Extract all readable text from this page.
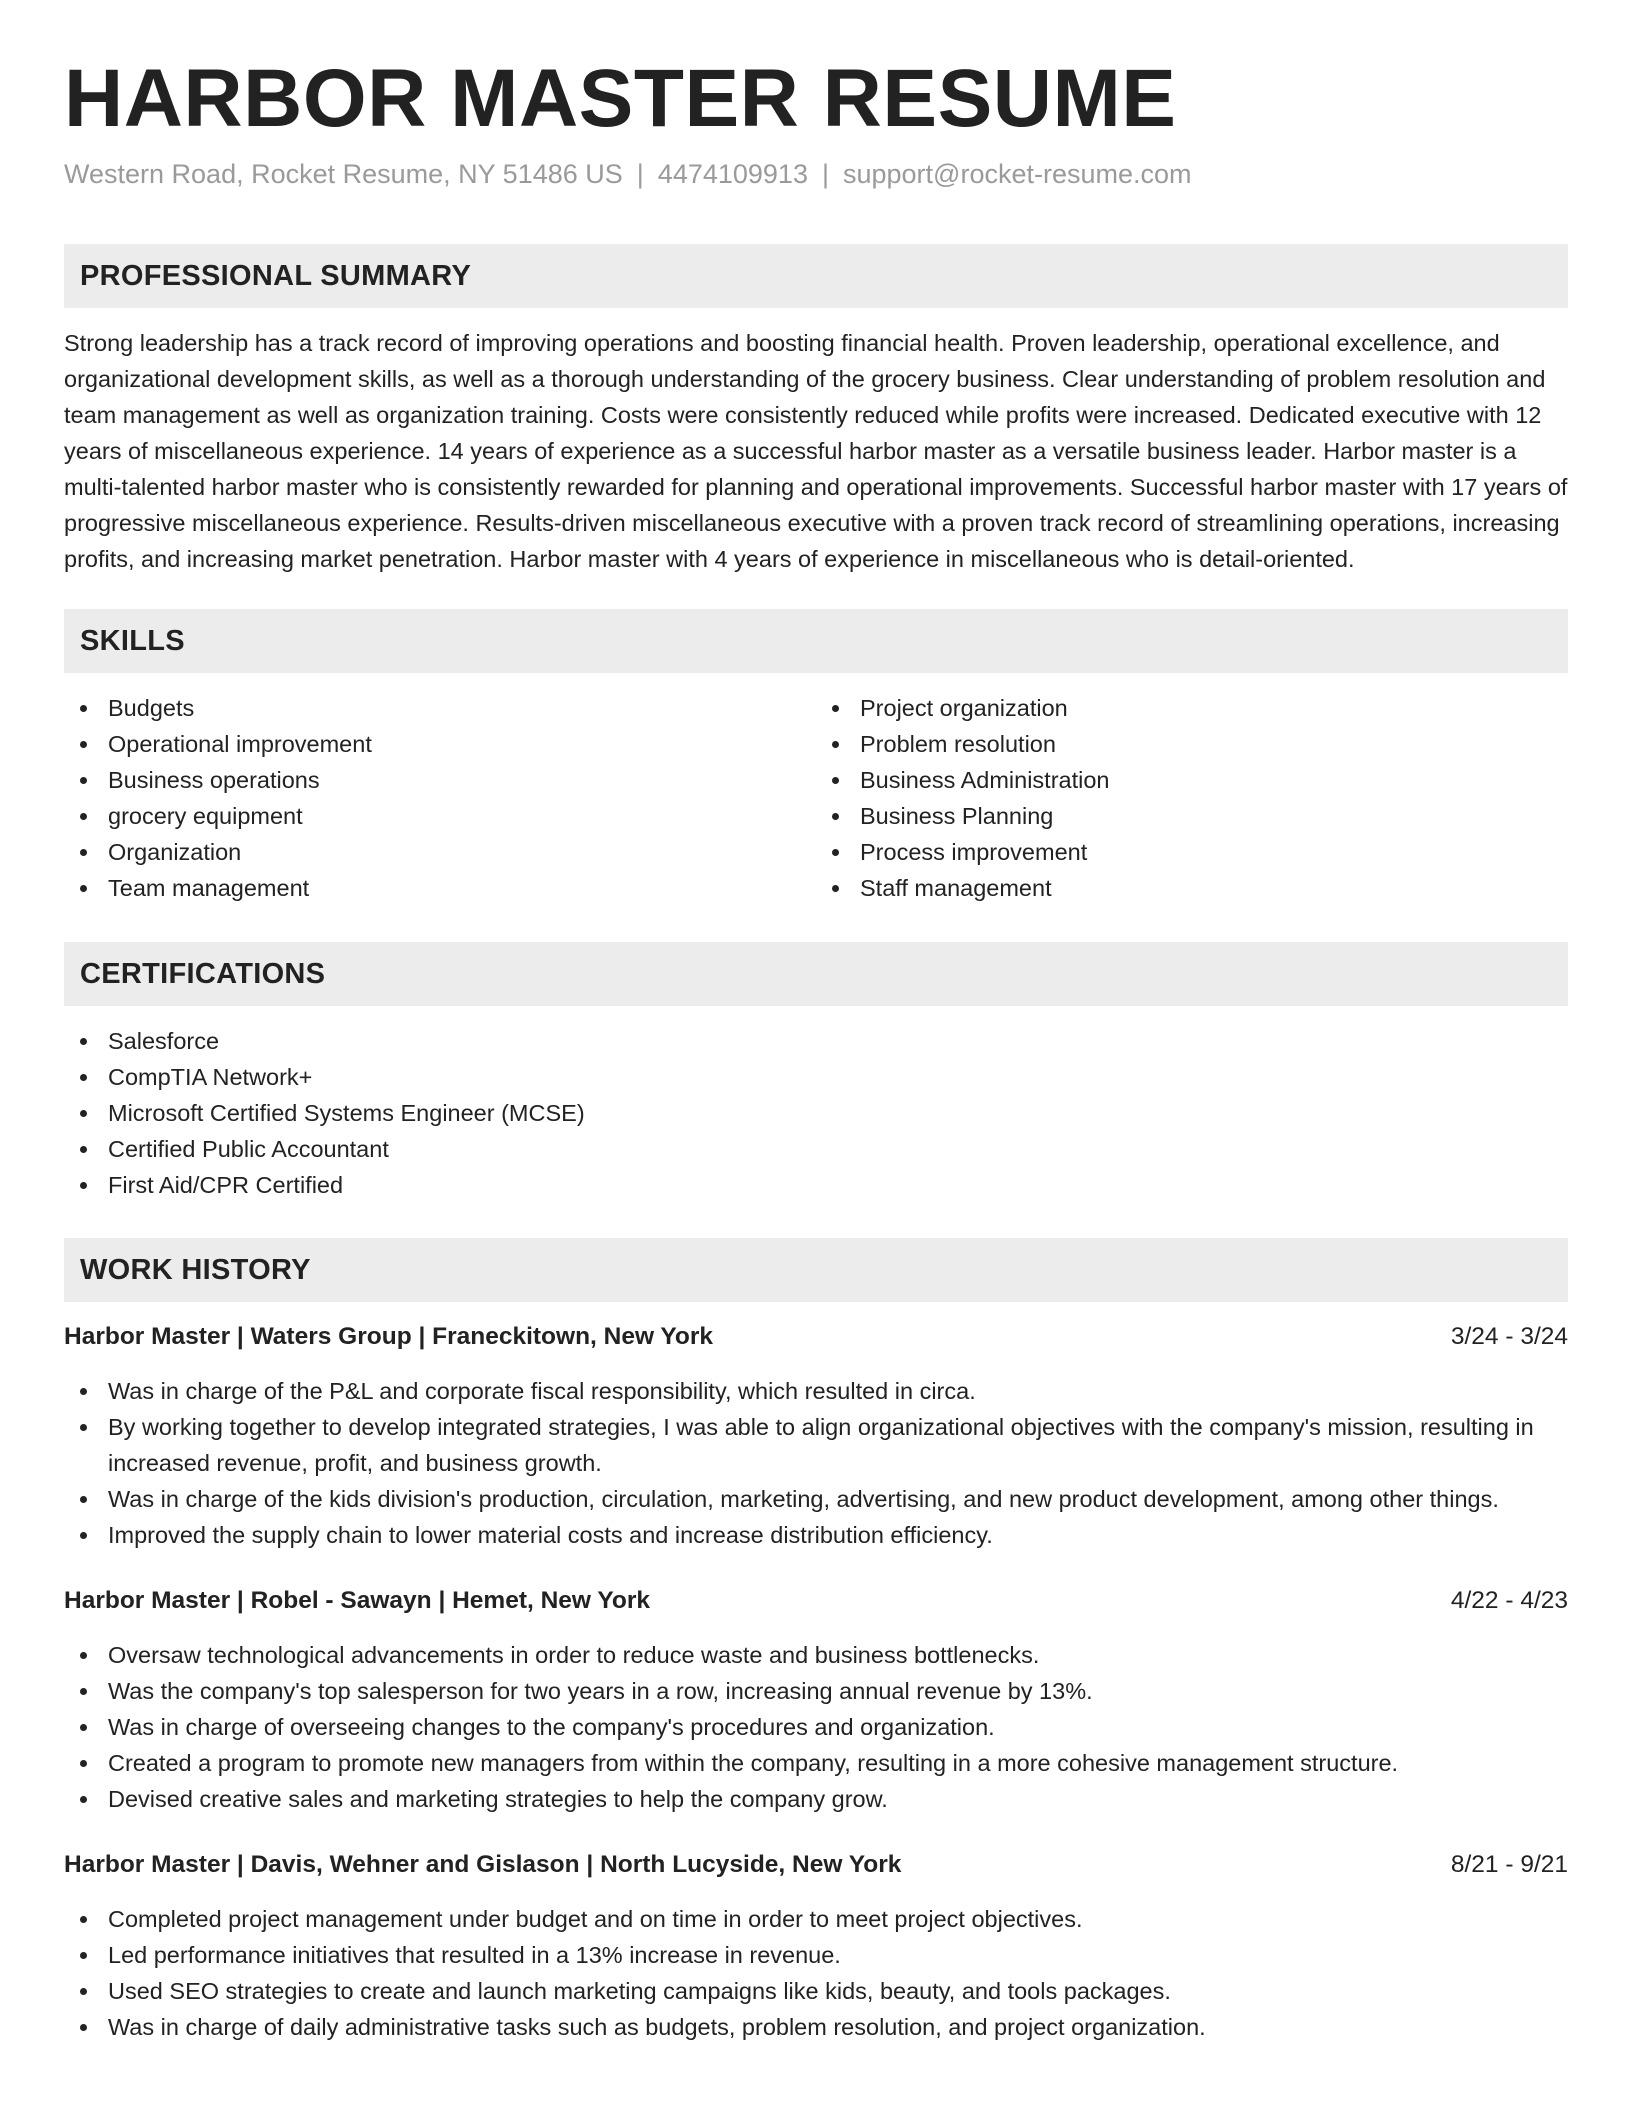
HARBOR MASTER RESUME
Western Road, Rocket Resume, NY 51486 US | 4474109913 | support@rocket-resume.com
PROFESSIONAL SUMMARY

Strong leadership has a track record of improving operations and boosting financial health. Proven leadership, operational excellence, and organizational development skills, as well as a thorough understanding of the grocery business. Clear understanding of problem resolution and team management as well as organization training. Costs were consistently reduced while profits were increased. Dedicated executive with 12 years of miscellaneous experience. 14 years of experience as a successful harbor master as a versatile business leader. Harbor master is a multi-talented harbor master who is consistently rewarded for planning and operational improvements. Successful harbor master with 17 years of progressive miscellaneous experience. Results-driven miscellaneous executive with a proven track record of streamlining operations, increasing profits, and increasing market penetration. Harbor master with 4 years of experience in miscellaneous who is detail-oriented.

SKILLS
Budgets
Operational improvement
Business operations
grocery equipment
Organization
Team management
Project organization
Problem resolution
Business Administration
Business Planning
Process improvement
Staff management
CERTIFICATIONS
Salesforce
CompTIA Network+
Microsoft Certified Systems Engineer (MCSE)
Certified Public Accountant
First Aid/CPR Certified
WORK HISTORY
Harbor Master | Waters Group | Franeckitown, New York	3/24 - 3/24
Was in charge of the P&L and corporate fiscal responsibility, which resulted in circa.
By working together to develop integrated strategies, I was able to align organizational objectives with the company's mission, resulting in increased revenue, profit, and business growth.
Was in charge of the kids division's production, circulation, marketing, advertising, and new product development, among other things.
Improved the supply chain to lower material costs and increase distribution efficiency.
Harbor Master | Robel - Sawayn | Hemet, New York	4/22 - 4/23
Oversaw technological advancements in order to reduce waste and business bottlenecks.
Was the company's top salesperson for two years in a row, increasing annual revenue by 13%.
Was in charge of overseeing changes to the company's procedures and organization.
Created a program to promote new managers from within the company, resulting in a more cohesive management structure.
Devised creative sales and marketing strategies to help the company grow.
Harbor Master | Davis, Wehner and Gislason | North Lucyside, New York	8/21 - 9/21
Completed project management under budget and on time in order to meet project objectives.
Led performance initiatives that resulted in a 13% increase in revenue.
Used SEO strategies to create and launch marketing campaigns like kids, beauty, and tools packages.
Was in charge of daily administrative tasks such as budgets, problem resolution, and project organization.
